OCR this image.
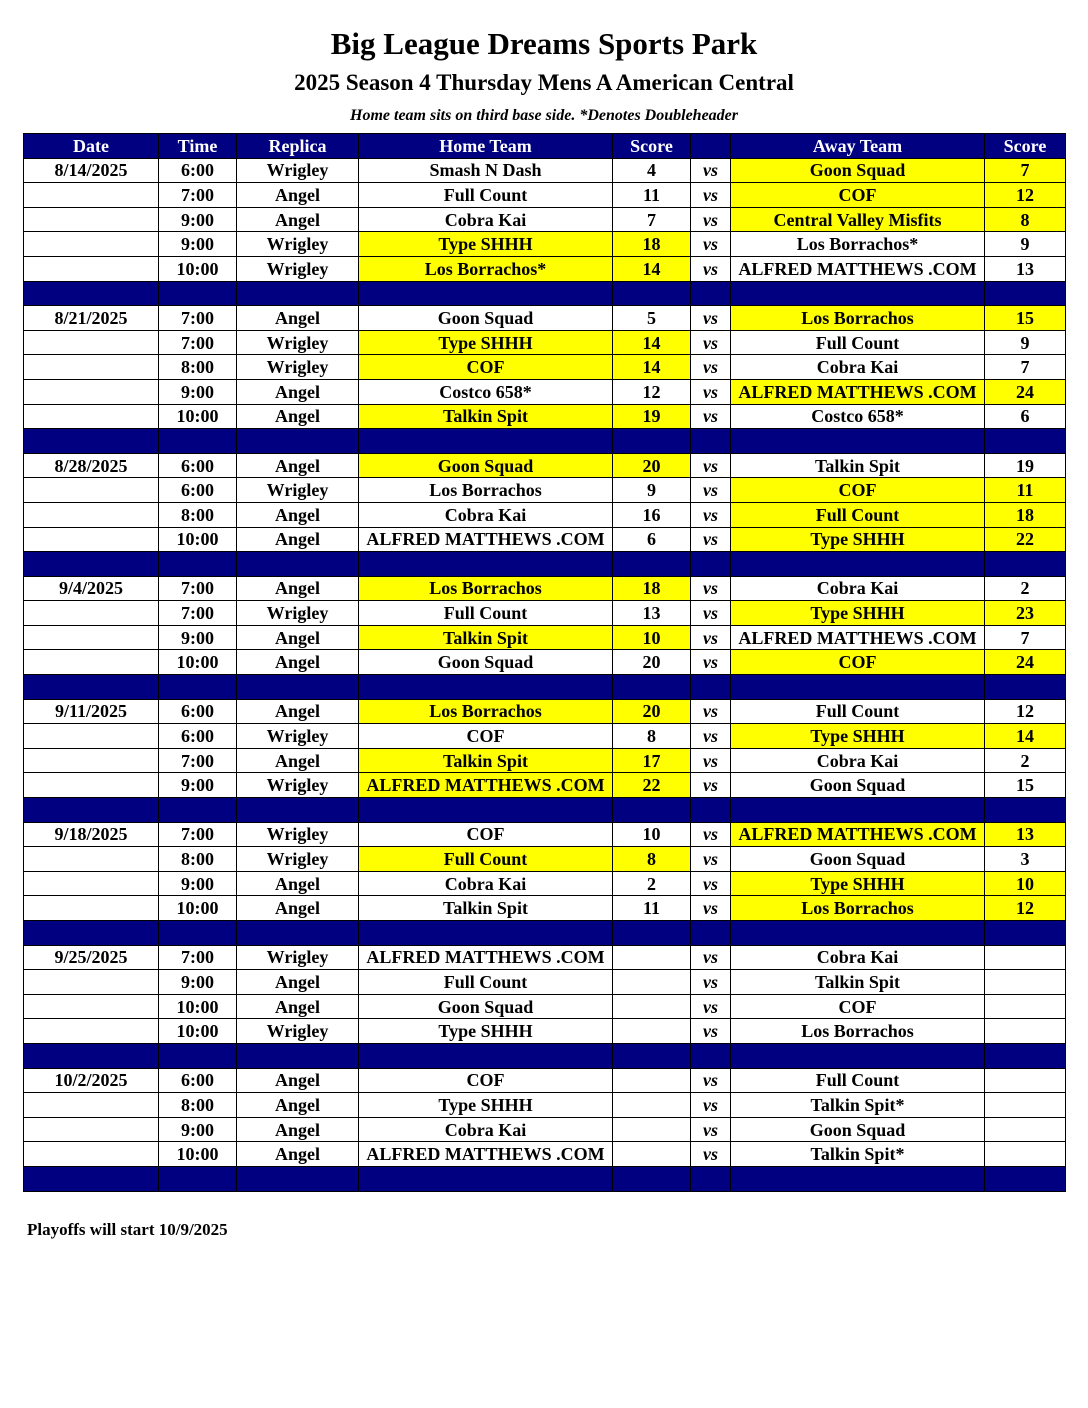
Big League Dreams Sports Park
2025 Season 4 Thursday Mens A American Central
Home team sits on third base side. *Denotes Doubleheader
Date	Time	Replica	Home Team	Score		Away Team	Score
8/14/2025	6:00	Wrigley	Smash N Dash	4	vs	Goon Squad	7
	7:00	Angel	Full Count	11	vs	COF	12
	9:00	Angel	Cobra Kai	7	vs	Central Valley Misfits	8
	9:00	Wrigley	Type SHHH	18	vs	Los Borrachos*	9
	10:00	Wrigley	Los Borrachos*	14	vs	ALFRED MATTHEWS .COM	13

8/21/2025	7:00	Angel	Goon Squad	5	vs	Los Borrachos	15
	7:00	Wrigley	Type SHHH	14	vs	Full Count	9
	8:00	Wrigley	COF	14	vs	Cobra Kai	7
	9:00	Angel	Costco 658*	12	vs	ALFRED MATTHEWS .COM	24
	10:00	Angel	Talkin Spit	19	vs	Costco 658*	6

8/28/2025	6:00	Angel	Goon Squad	20	vs	Talkin Spit	19
	6:00	Wrigley	Los Borrachos	9	vs	COF	11
	8:00	Angel	Cobra Kai	16	vs	Full Count	18
	10:00	Angel	ALFRED MATTHEWS .COM	6	vs	Type SHHH	22

9/4/2025	7:00	Angel	Los Borrachos	18	vs	Cobra Kai	2
	7:00	Wrigley	Full Count	13	vs	Type SHHH	23
	9:00	Angel	Talkin Spit	10	vs	ALFRED MATTHEWS .COM	7
	10:00	Angel	Goon Squad	20	vs	COF	24

9/11/2025	6:00	Angel	Los Borrachos	20	vs	Full Count	12
	6:00	Wrigley	COF	8	vs	Type SHHH	14
	7:00	Angel	Talkin Spit	17	vs	Cobra Kai	2
	9:00	Wrigley	ALFRED MATTHEWS .COM	22	vs	Goon Squad	15

9/18/2025	7:00	Wrigley	COF	10	vs	ALFRED MATTHEWS .COM	13
	8:00	Wrigley	Full Count	8	vs	Goon Squad	3
	9:00	Angel	Cobra Kai	2	vs	Type SHHH	10
	10:00	Angel	Talkin Spit	11	vs	Los Borrachos	12

9/25/2025	7:00	Wrigley	ALFRED MATTHEWS .COM		vs	Cobra Kai	
	9:00	Angel	Full Count		vs	Talkin Spit	
	10:00	Angel	Goon Squad		vs	COF	
	10:00	Wrigley	Type SHHH		vs	Los Borrachos	

10/2/2025	6:00	Angel	COF		vs	Full Count	
	8:00	Angel	Type SHHH		vs	Talkin Spit*	
	9:00	Angel	Cobra Kai		vs	Goon Squad	
	10:00	Angel	ALFRED MATTHEWS .COM		vs	Talkin Spit*	

Playoffs will start 10/9/2025
